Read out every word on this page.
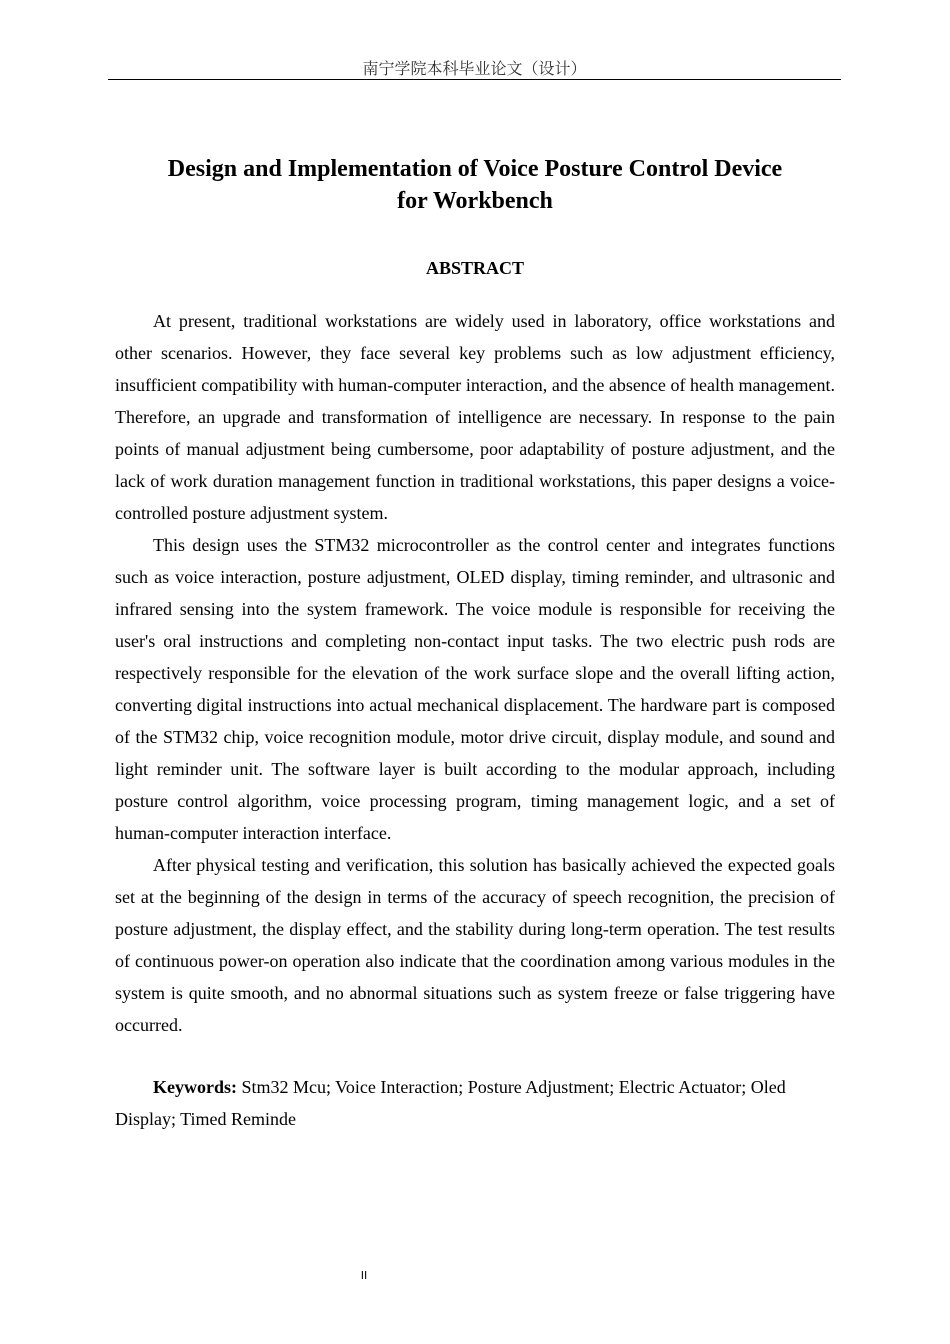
南宁学院本科毕业论文（设计）
Design and Implementation of Voice Posture Control Device
for Workbench
ABSTRACT

At present, traditional workstations are widely used in laboratory, office workstations and other scenarios. However, they face several key problems such as low adjustment efficiency, insufficient compatibility with human-computer interaction, and the absence of health management. Therefore, an upgrade and transformation of intelligence are necessary. In response to the pain points of manual adjustment being cumbersome, poor adaptability of posture adjustment, and the lack of work duration management function in traditional workstations, this paper designs a voice-controlled posture adjustment system.

This design uses the STM32 microcontroller as the control center and integrates functions such as voice interaction, posture adjustment, OLED display, timing reminder, and ultrasonic and infrared sensing into the system framework. The voice module is responsible for receiving the user's oral instructions and completing non-contact input tasks. The two electric push rods are respectively responsible for the elevation of the work surface slope and the overall lifting action, converting digital instructions into actual mechanical displacement. The hardware part is composed of the STM32 chip, voice recognition module, motor drive circuit, display module, and sound and light reminder unit. The software layer is built according to the modular approach, including posture control algorithm, voice processing program, timing management logic, and a set of human-computer interaction interface.

After physical testing and verification, this solution has basically achieved the expected goals set at the beginning of the design in terms of the accuracy of speech recognition, the precision of posture adjustment, the display effect, and the stability during long-term operation. The test results of continuous power-on operation also indicate that the coordination among various modules in the system is quite smooth, and no abnormal situations such as system freeze or false triggering have occurred.

Keywords: Stm32 Mcu; Voice Interaction; Posture Adjustment; Electric Actuator; Oled Display; Timed Reminde

II
